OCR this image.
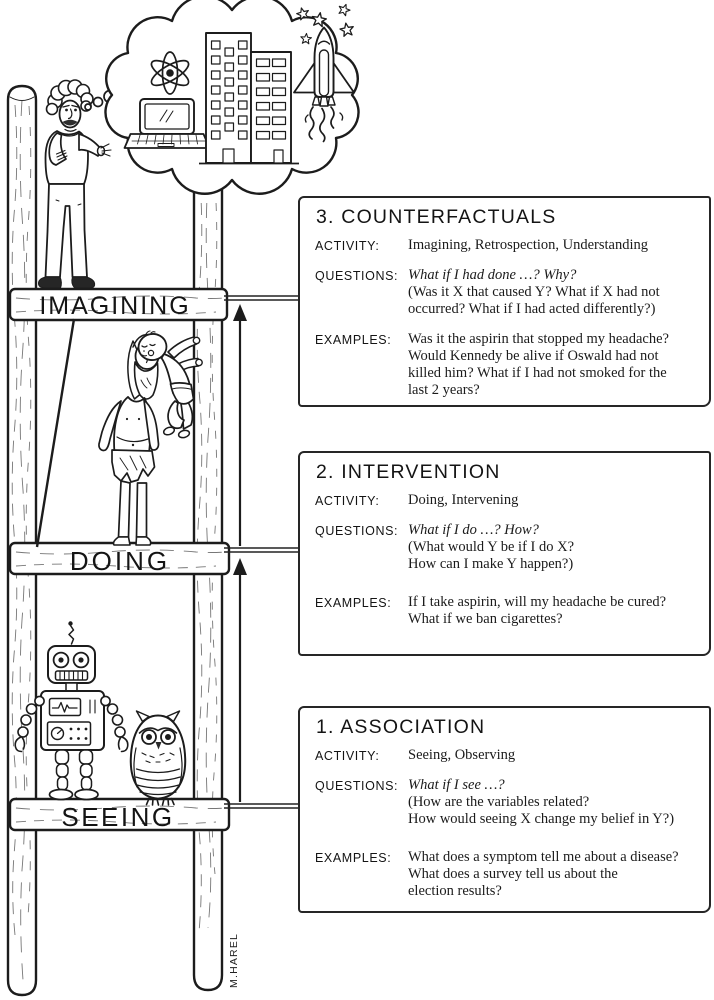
IMAGINING
DOING
SEEING
M.HAREL
3. COUNTERFACTUALS
ACTIVITY:	Imagining, Retrospection, Understanding
QUESTIONS: What if I had done …? Why?
(Was it X that caused Y? What if X had not
occurred? What if I had acted differently?)
EXAMPLES:	Was it the aspirin that stopped my headache?
Would Kennedy be alive if Oswald had not
killed him? What if I had not smoked for the
last 2 years?
2. INTERVENTION
ACTIVITY:	Doing, Intervening
QUESTIONS: What if I do …? How?
(What would Y be if I do X?
How can I make Y happen?)
EXAMPLES:	If I take aspirin, will my headache be cured?
What if we ban cigarettes?
1. ASSOCIATION
ACTIVITY:	Seeing, Observing
QUESTIONS: What if I see …?
(How are the variables related?
How would seeing X change my belief in Y?)
EXAMPLES:	What does a symptom tell me about a disease?
What does a survey tell us about the
election results?
